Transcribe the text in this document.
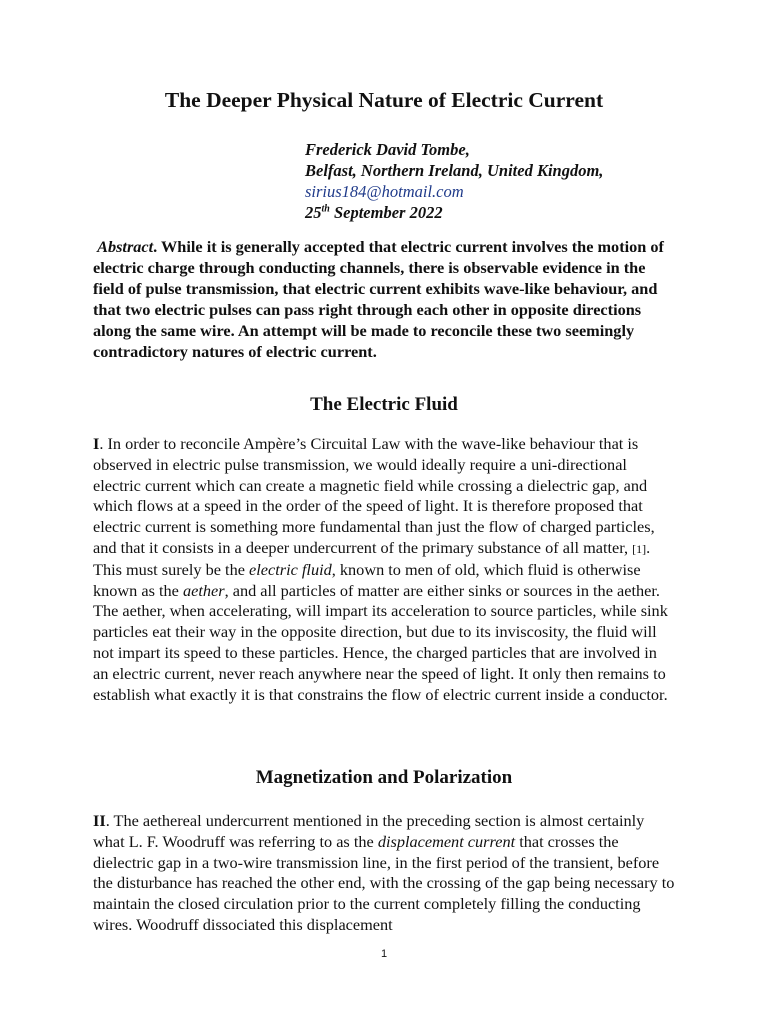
The Deeper Physical Nature of Electric Current
Frederick David Tombe,
Belfast, Northern Ireland, United Kingdom,
sirius184@hotmail.com
25th September 2022
Abstract. While it is generally accepted that electric current involves the motion of electric charge through conducting channels, there is observable evidence in the field of pulse transmission, that electric current exhibits wave-like behaviour, and that two electric pulses can pass right through each other in opposite directions along the same wire. An attempt will be made to reconcile these two seemingly contradictory natures of electric current.
The Electric Fluid
I. In order to reconcile Ampère’s Circuital Law with the wave-like behaviour that is observed in electric pulse transmission, we would ideally require a uni-directional electric current which can create a magnetic field while crossing a dielectric gap, and which flows at a speed in the order of the speed of light. It is therefore proposed that electric current is something more fundamental than just the flow of charged particles, and that it consists in a deeper undercurrent of the primary substance of all matter, [1]. This must surely be the electric fluid, known to men of old, which fluid is otherwise known as the aether, and all particles of matter are either sinks or sources in the aether. The aether, when accelerating, will impart its acceleration to source particles, while sink particles eat their way in the opposite direction, but due to its inviscosity, the fluid will not impart its speed to these particles. Hence, the charged particles that are involved in an electric current, never reach anywhere near the speed of light. It only then remains to establish what exactly it is that constrains the flow of electric current inside a conductor.
Magnetization and Polarization
II. The aethereal undercurrent mentioned in the preceding section is almost certainly what L. F. Woodruff was referring to as the displacement current that crosses the dielectric gap in a two-wire transmission line, in the first period of the transient, before the disturbance has reached the other end, with the crossing of the gap being necessary to maintain the closed circulation prior to the current completely filling the conducting wires. Woodruff dissociated this displacement
1
